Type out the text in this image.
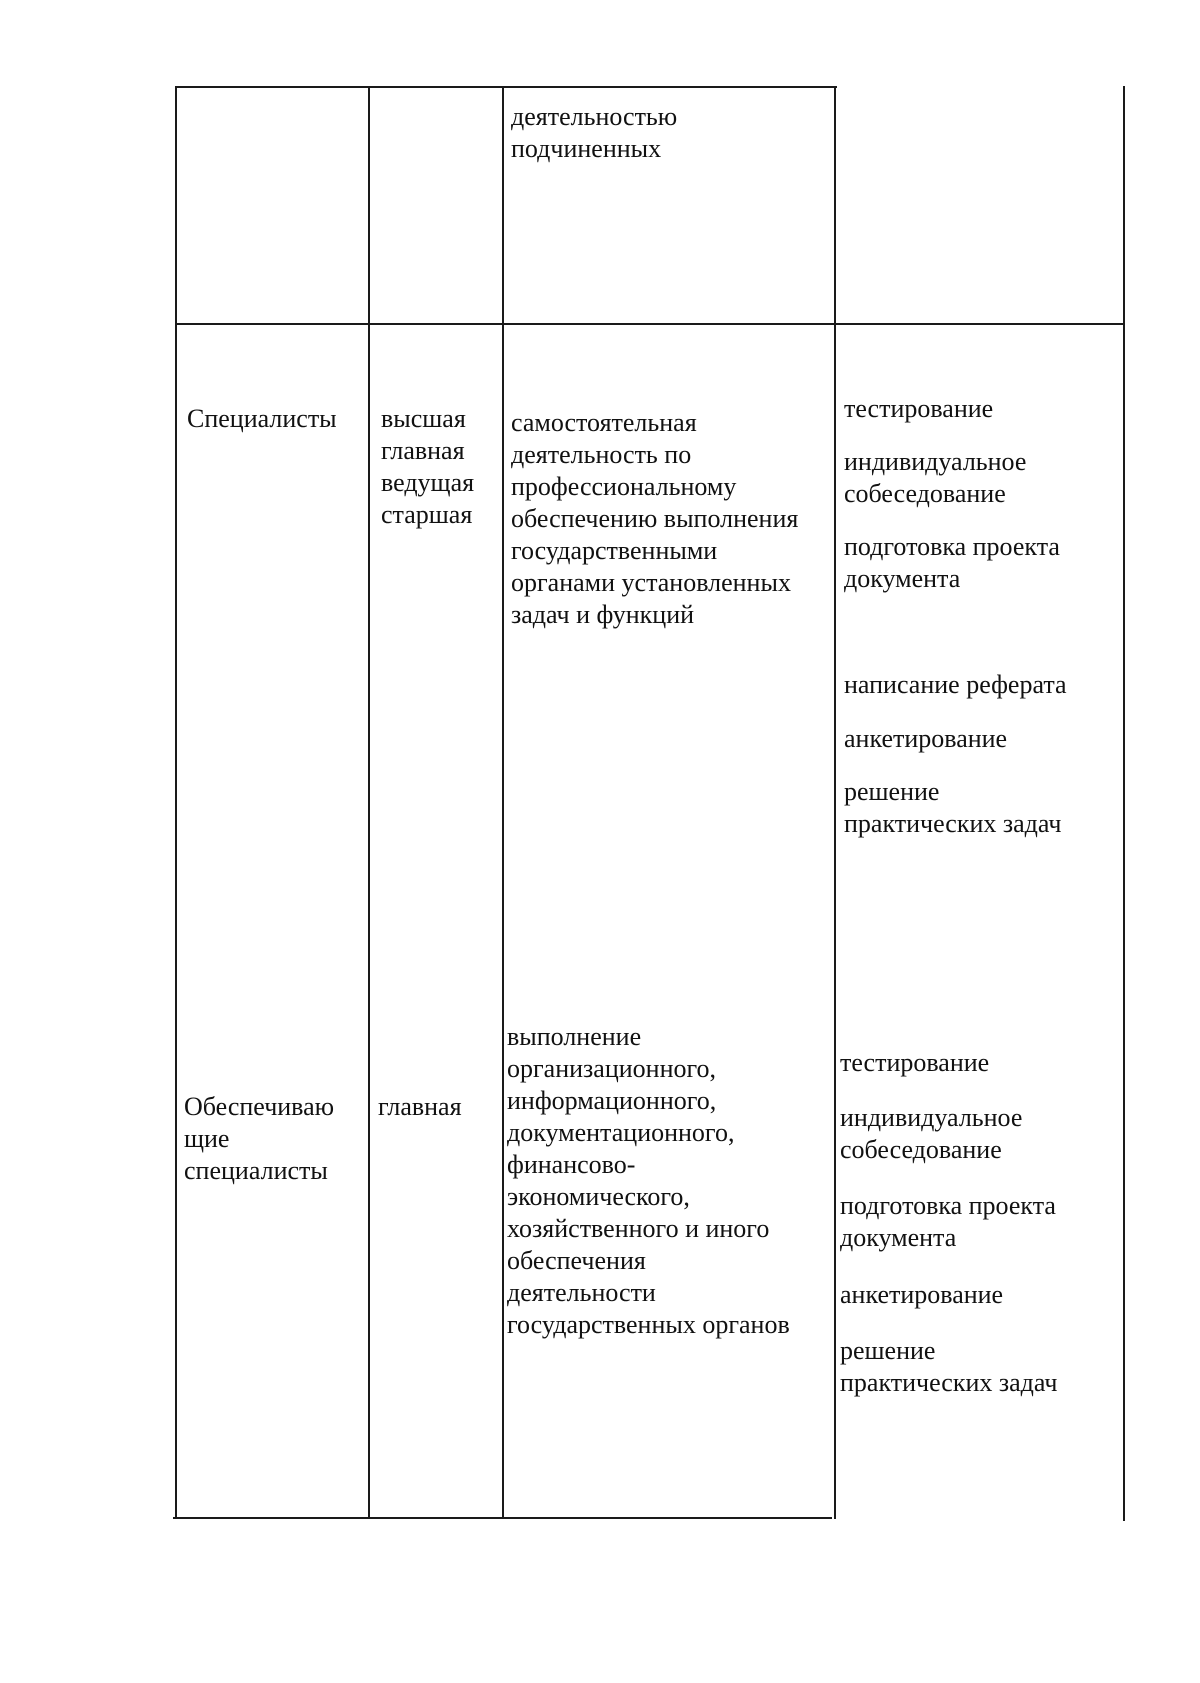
деятельностью

подчиненных

Специалисты высшая

главная

ведущая

старшая

самостоятельная

деятельность по

профессиональному

обеспечению выполнения

государственными

органами установленных

задач и функций

тестирование

индивидуальное

собеседование

подготовка проекта

документа

написание реферата

анкетирование

решение

практических задач

Обеспечиваю

щие

специалисты

главная

выполнение

организационного,

информационного,

документационного,

финансово-

экономического,

хозяйственного и иного

обеспечения

деятельности

государственных органов

тестирование

индивидуальное

собеседование

подготовка проекта

документа

анкетирование

решение

практических задач
